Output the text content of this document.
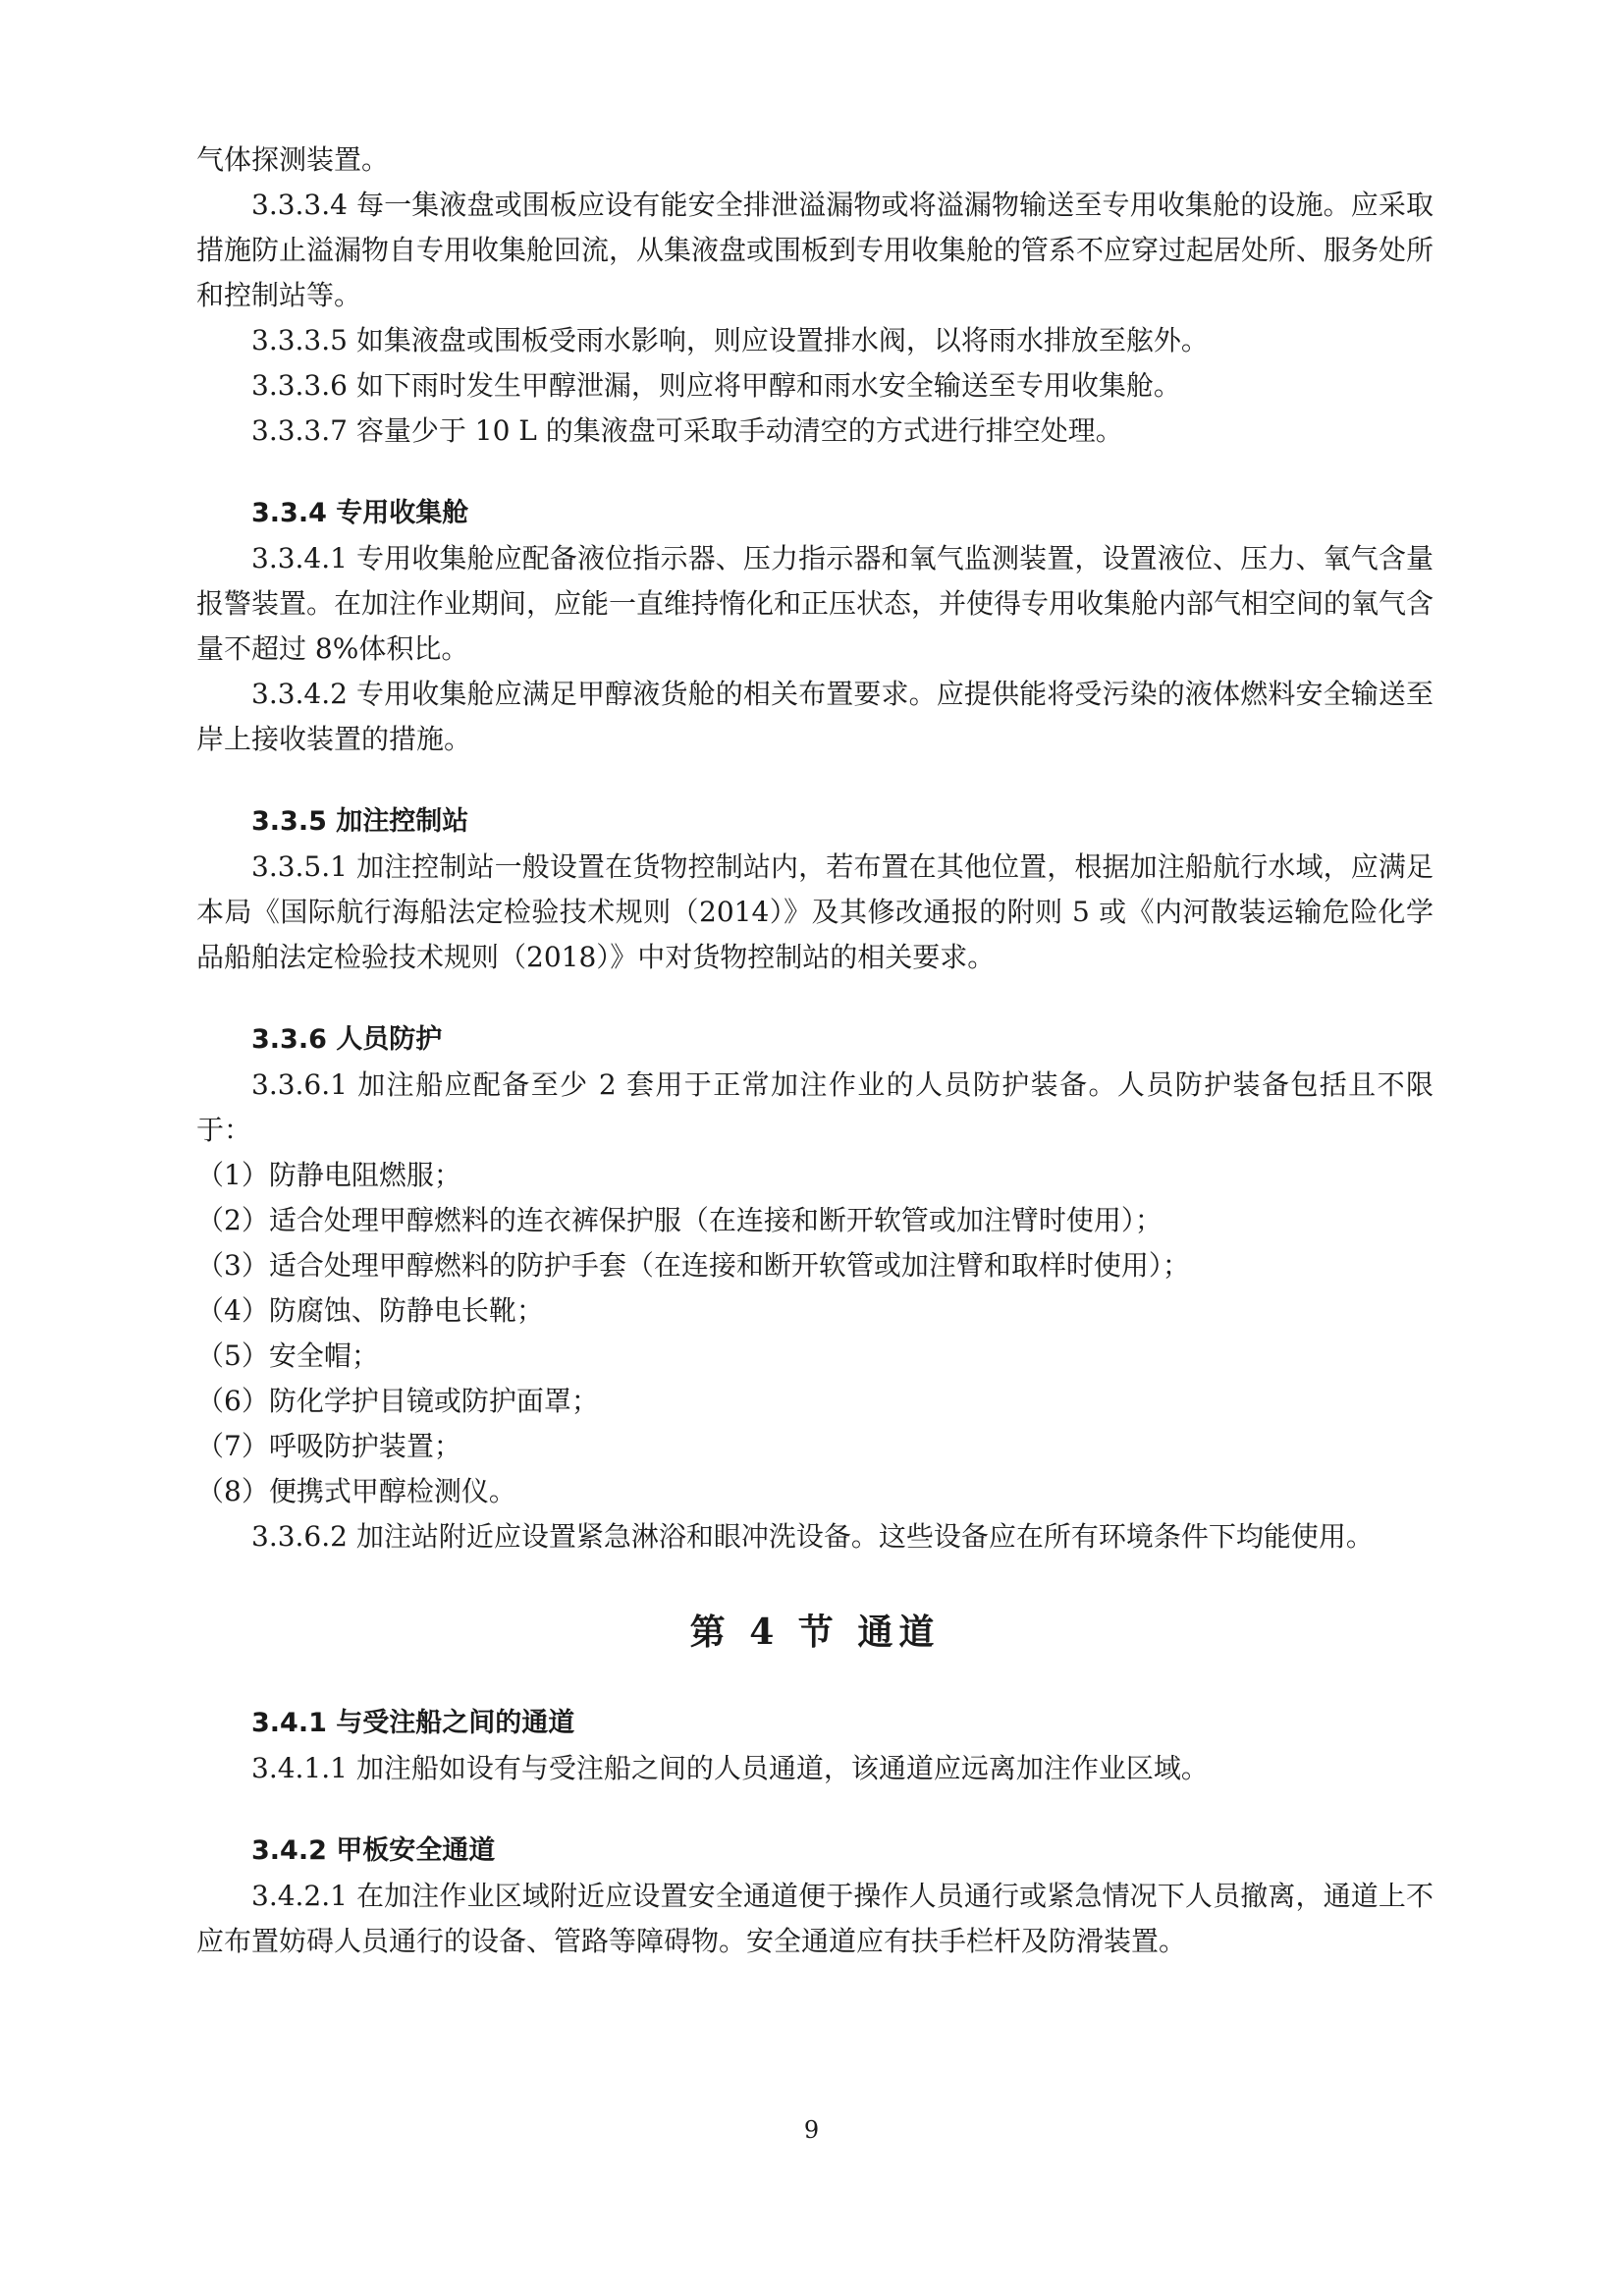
气体探测装置。

3.3.3.4 每一集液盘或围板应设有能安全排泄溢漏物或将溢漏物输送至专用收集舱的设施。应采取措施防止溢漏物自专用收集舱回流，从集液盘或围板到专用收集舱的管系不应穿过起居处所、服务处所和控制站等。

3.3.3.5 如集液盘或围板受雨水影响，则应设置排水阀，以将雨水排放至舷外。

3.3.3.6 如下雨时发生甲醇泄漏，则应将甲醇和雨水安全输送至专用收集舱。

3.3.3.7 容量少于 10 L 的集液盘可采取手动清空的方式进行排空处理。

3.3.4 专用收集舱

3.3.4.1 专用收集舱应配备液位指示器、压力指示器和氧气监测装置，设置液位、压力、氧气含量报警装置。在加注作业期间，应能一直维持惰化和正压状态，并使得专用收集舱内部气相空间的氧气含量不超过 8%体积比。

3.3.4.2 专用收集舱应满足甲醇液货舱的相关布置要求。应提供能将受污染的液体燃料安全输送至岸上接收装置的措施。

3.3.5 加注控制站

3.3.5.1 加注控制站一般设置在货物控制站内，若布置在其他位置，根据加注船航行水域，应满足本局《国际航行海船法定检验技术规则（2014）》及其修改通报的附则 5 或《内河散装运输危险化学品船舶法定检验技术规则（2018）》中对货物控制站的相关要求。

3.3.6 人员防护

3.3.6.1 加注船应配备至少 2 套用于正常加注作业的人员防护装备。人员防护装备包括且不限于：

（1）防静电阻燃服；

（2）适合处理甲醇燃料的连衣裤保护服（在连接和断开软管或加注臂时使用）；

（3）适合处理甲醇燃料的防护手套（在连接和断开软管或加注臂和取样时使用）；

（4）防腐蚀、防静电长靴；

（5）安全帽；

（6）防化学护目镜或防护面罩；

（7）呼吸防护装置；

（8）便携式甲醇检测仪。

3.3.6.2 加注站附近应设置紧急淋浴和眼冲洗设备。这些设备应在所有环境条件下均能使用。

第 4 节 通道
3.4.1 与受注船之间的通道

3.4.1.1 加注船如设有与受注船之间的人员通道，该通道应远离加注作业区域。

3.4.2 甲板安全通道

3.4.2.1 在加注作业区域附近应设置安全通道便于操作人员通行或紧急情况下人员撤离，通道上不应布置妨碍人员通行的设备、管路等障碍物。安全通道应有扶手栏杆及防滑装置。

9
